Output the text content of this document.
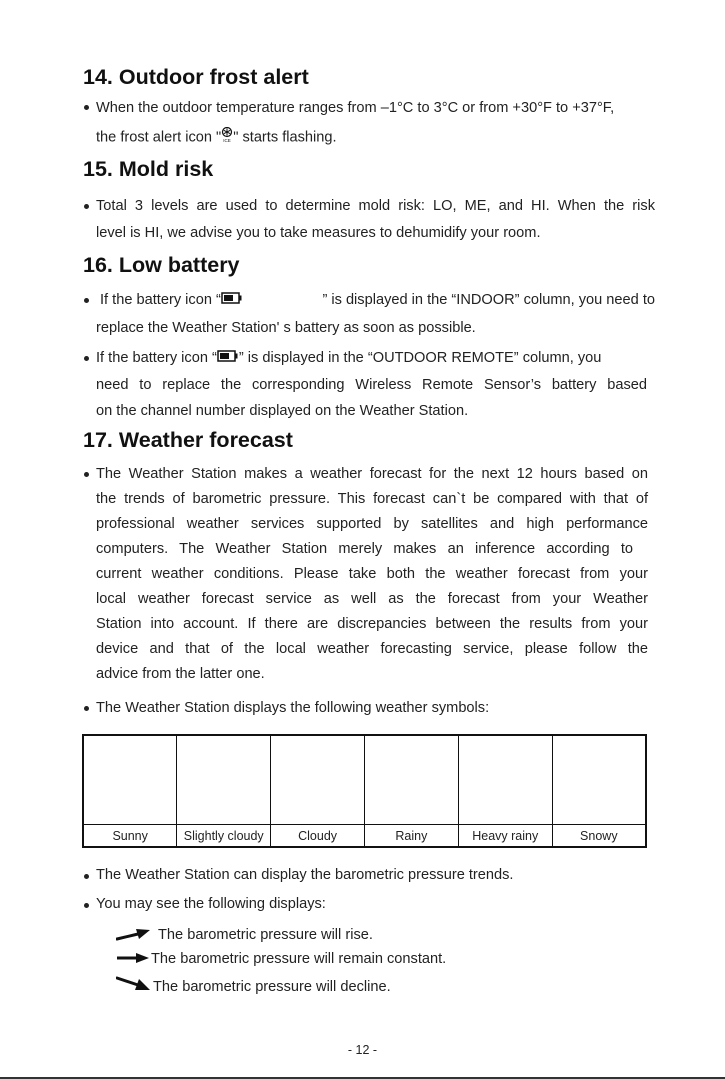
14. Outdoor frost alert
When the outdoor temperature ranges from –1°C to 3°C or from +30°F to +37°F,
the frost alert icon " ICE " starts flashing.
15. Mold risk
Total 3 levels are used to determine mold risk: LO, ME, and HI. When the risk
level is HI, we advise you to take measures to dehumidify your room.
16. Low battery
If the battery icon “	” is displayed in the “INDOOR” column, you need to
replace the Weather Station' s battery as soon as possible.
If the battery icon “ ” is displayed in the “OUTDOOR REMOTE” column, you
need to replace the corresponding Wireless Remote Sensor’s battery based
on the channel number displayed on the Weather Station.
17. Weather forecast
The Weather Station makes a weather forecast for the next 12 hours based on
the trends of barometric pressure. This forecast can`t be compared with that of
professional weather services supported by satellites and high performance
computers. The Weather Station merely makes an inference according to
current weather conditions. Please take both the weather forecast from your
local weather forecast service as well as the forecast from your Weather
Station into account. If there are discrepancies between the results from your
device and that of the local weather forecasting service, please follow the
advice from the latter one.
The Weather Station displays the following weather symbols:

Sunny	Slightly cloudy	Cloudy	Rainy	Heavy rainy	Snowy
The Weather Station can display the barometric pressure trends.
You may see the following displays:
The barometric pressure will rise.
The barometric pressure will remain constant.
The barometric pressure will decline.
- 12 -
